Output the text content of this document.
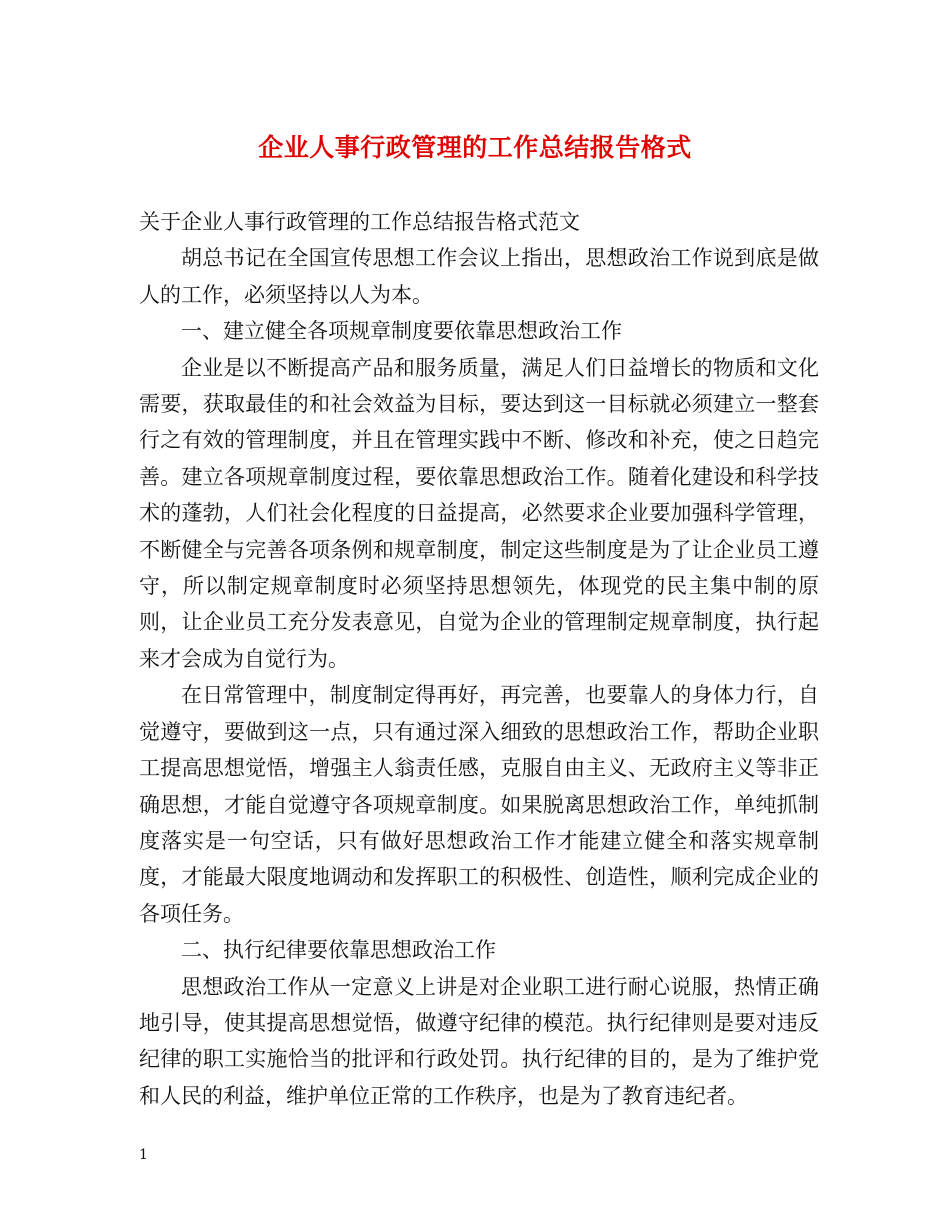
企业人事行政管理的工作总结报告格式

关于企业人事行政管理的工作总结报告格式范文

胡总书记在全国宣传思想工作会议上指出，思想政治工作说到底是做人的工作，必须坚持以人为本。

一、建立健全各项规章制度要依靠思想政治工作

企业是以不断提高产品和服务质量，满足人们日益增长的物质和文化需要，获取最佳的和社会效益为目标，要达到这一目标就必须建立一整套行之有效的管理制度，并且在管理实践中不断、修改和补充，使之日趋完善。建立各项规章制度过程，要依靠思想政治工作。随着化建设和科学技术的蓬勃，人们社会化程度的日益提高，必然要求企业要加强科学管理，不断健全与完善各项条例和规章制度，制定这些制度是为了让企业员工遵守，所以制定规章制度时必须坚持思想领先，体现党的民主集中制的原则，让企业员工充分发表意见，自觉为企业的管理制定规章制度，执行起来才会成为自觉行为。

在日常管理中，制度制定得再好，再完善，也要靠人的身体力行，自觉遵守，要做到这一点，只有通过深入细致的思想政治工作，帮助企业职工提高思想觉悟，增强主人翁责任感，克服自由主义、无政府主义等非正确思想，才能自觉遵守各项规章制度。如果脱离思想政治工作，单纯抓制度落实是一句空话，只有做好思想政治工作才能建立健全和落实规章制度，才能最大限度地调动和发挥职工的积极性、创造性，顺利完成企业的各项任务。

二、执行纪律要依靠思想政治工作

思想政治工作从一定意义上讲是对企业职工进行耐心说服，热情正确地引导，使其提高思想觉悟，做遵守纪律的模范。执行纪律则是要对违反纪律的职工实施恰当的批评和行政处罚。执行纪律的目的，是为了维护党和人民的利益，维护单位正常的工作秩序，也是为了教育违纪者。

1
